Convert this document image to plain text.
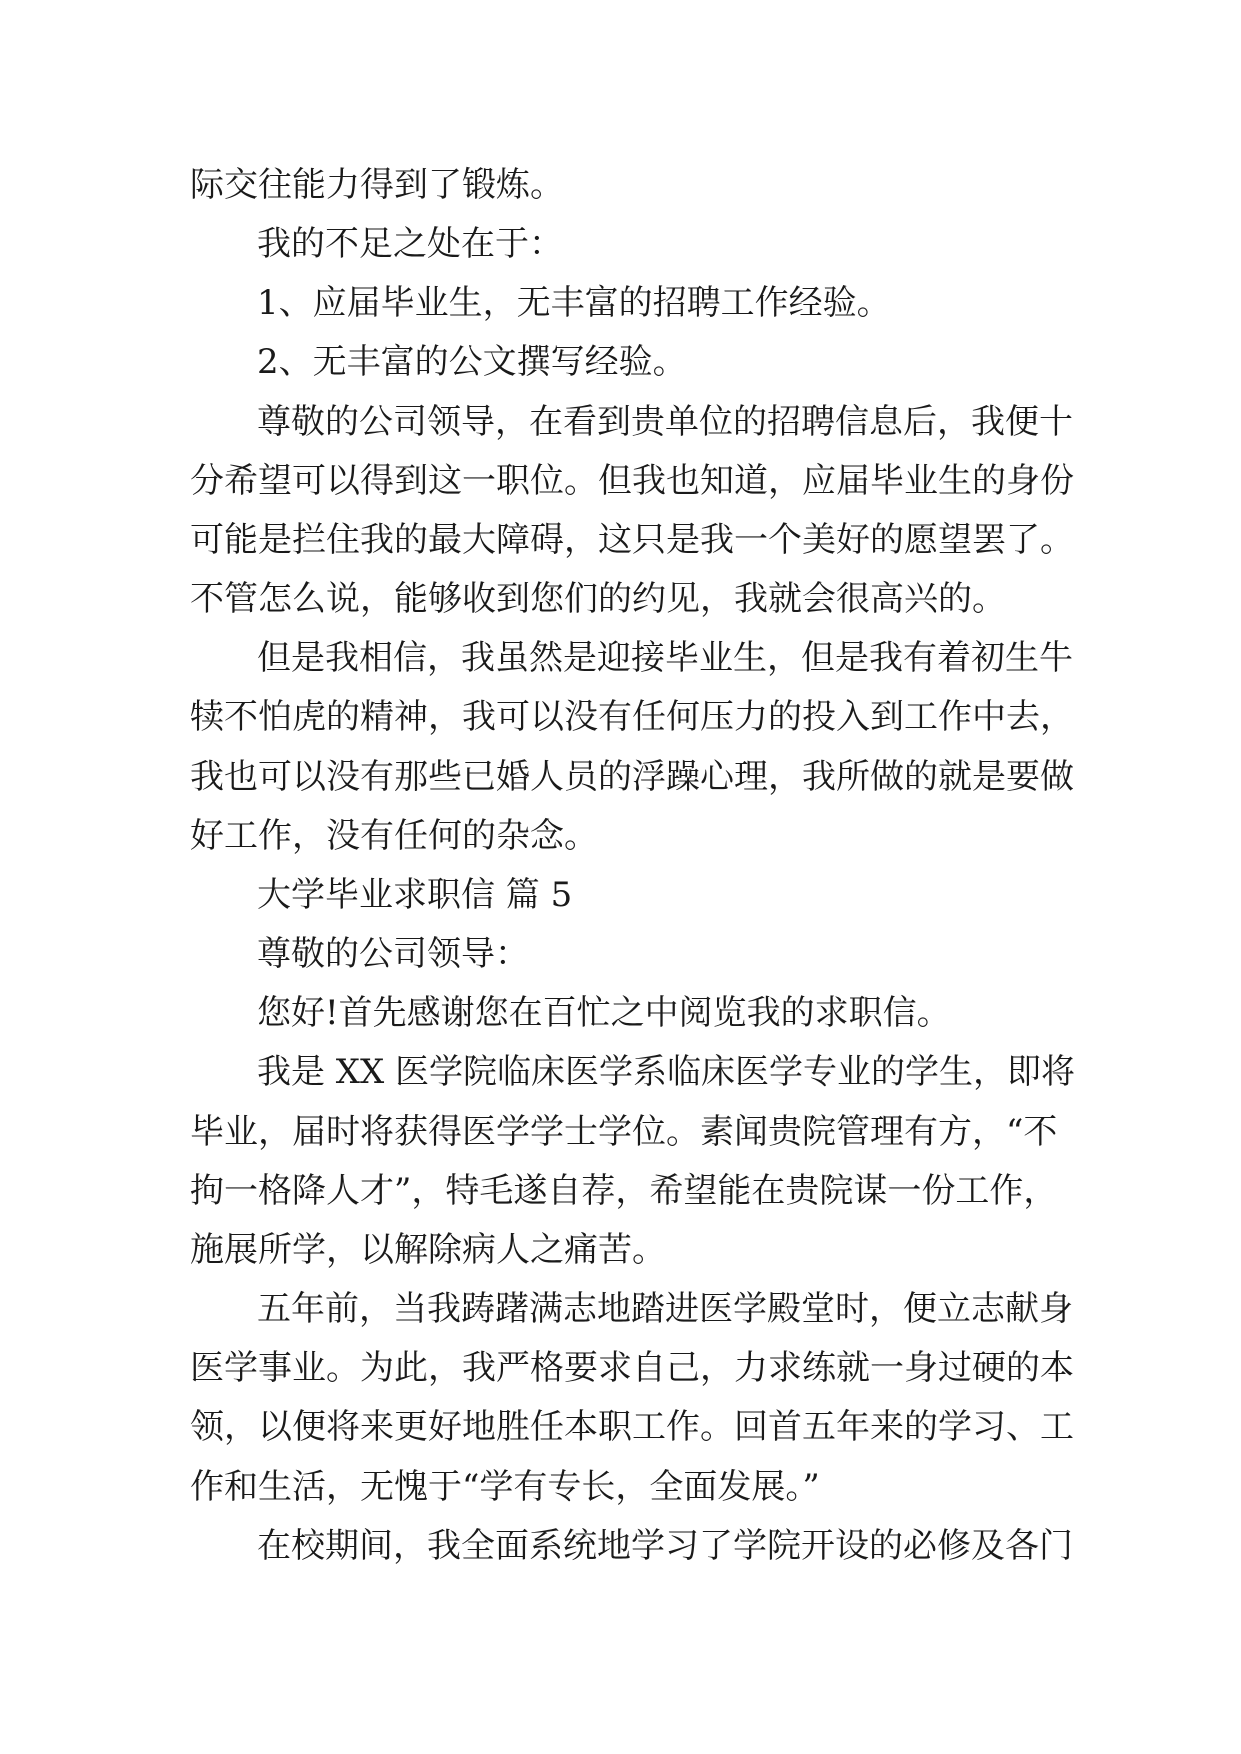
际交往能力得到了锻炼。
我的不足之处在于：
1、应届毕业生，无丰富的招聘工作经验。
2、无丰富的公文撰写经验。
尊敬的公司领导，在看到贵单位的招聘信息后，我便十
分希望可以得到这一职位。但我也知道，应届毕业生的身份
可能是拦住我的最大障碍，这只是我一个美好的愿望罢了。
不管怎么说，能够收到您们的约见，我就会很高兴的。
但是我相信，我虽然是迎接毕业生，但是我有着初生牛
犊不怕虎的精神，我可以没有任何压力的投入到工作中去，
我也可以没有那些已婚人员的浮躁心理，我所做的就是要做
好工作，没有任何的杂念。
大学毕业求职信 篇 5
尊敬的公司领导：
您好!首先感谢您在百忙之中阅览我的求职信。
我是 XX 医学院临床医学系临床医学专业的学生，即将
毕业，届时将获得医学学士学位。素闻贵院管理有方，“不
拘一格降人才”，特毛遂自荐，希望能在贵院谋一份工作，
施展所学，以解除病人之痛苦。
五年前，当我踌躇满志地踏进医学殿堂时，便立志献身
医学事业。为此，我严格要求自己，力求练就一身过硬的本
领，以便将来更好地胜任本职工作。回首五年来的学习、工
作和生活，无愧于“学有专长，全面发展。”
在校期间，我全面系统地学习了学院开设的必修及各门
